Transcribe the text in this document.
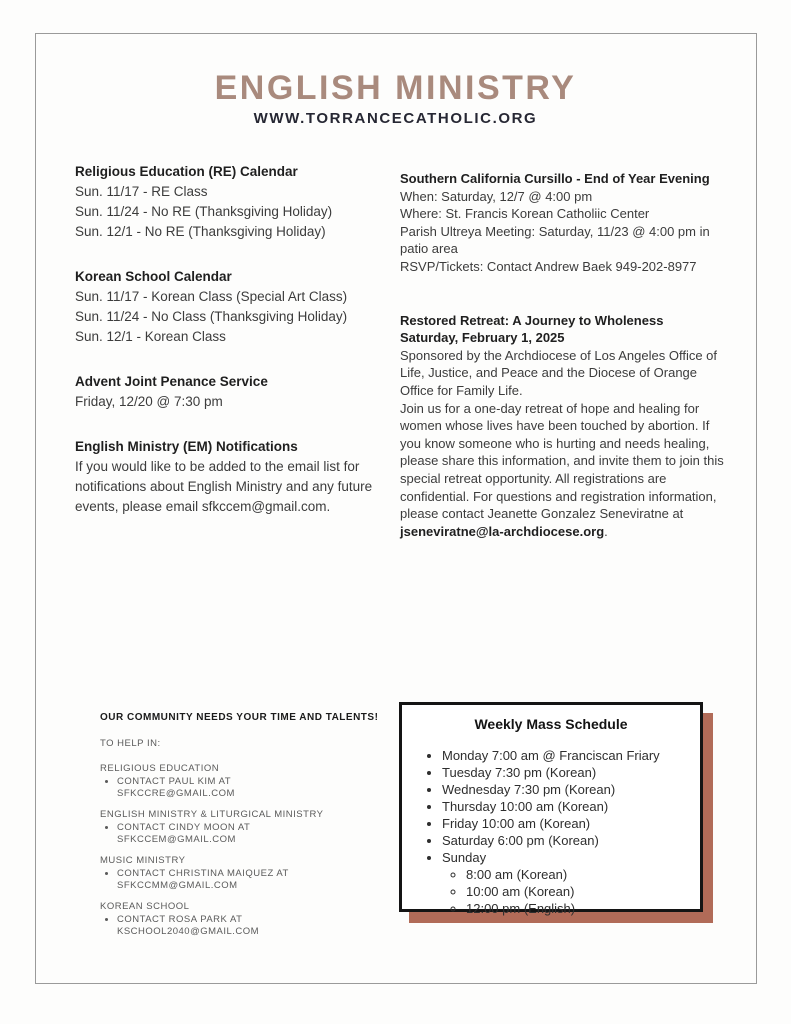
ENGLISH MINISTRY
WWW.TORRANCECATHOLIC.ORG
Religious Education (RE) Calendar
Sun. 11/17 - RE Class
Sun. 11/24 - No RE (Thanksgiving Holiday)
Sun. 12/1 - No RE (Thanksgiving Holiday)
Korean School Calendar
Sun. 11/17 - Korean Class (Special Art Class)
Sun. 11/24 - No Class (Thanksgiving Holiday)
Sun. 12/1 - Korean Class
Advent Joint Penance Service
Friday, 12/20 @ 7:30 pm
English Ministry (EM) Notifications
If you would like to be added to the email list for notifications about English Ministry and any future events, please email sfkccem@gmail.com.
Southern California Cursillo - End of Year Evening
When: Saturday, 12/7 @ 4:00 pm
Where: St. Francis Korean Catholiic Center
Parish Ultreya Meeting: Saturday, 11/23 @ 4:00 pm in patio area
RSVP/Tickets: Contact Andrew Baek 949-202-8977
Restored Retreat: A Journey to Wholeness
Saturday, February 1, 2025
Sponsored by the Archdiocese of Los Angeles Office of Life, Justice, and Peace and the Diocese of Orange Office for Family Life.
Join us for a one-day retreat of hope and healing for women whose lives have been touched by abortion. If you know someone who is hurting and needs healing, please share this information, and invite them to join this special retreat opportunity. All registrations are confidential. For questions and registration information, please contact Jeanette Gonzalez Seneviratne at jseneviratne@la-archdiocese.org.
OUR COMMUNITY NEEDS YOUR TIME AND TALENTS!
TO HELP IN:
RELIGIOUS EDUCATION
• CONTACT PAUL KIM AT SFKCCRE@GMAIL.COM
ENGLISH MINISTRY & LITURGICAL MINISTRY
• CONTACT CINDY MOON AT SFKCCEM@GMAIL.COM
MUSIC MINISTRY
• CONTACT CHRISTINA MAIQUEZ AT SFKCCMM@GMAIL.COM
KOREAN SCHOOL
• CONTACT ROSA PARK AT KSCHOOL2040@GMAIL.COM
Weekly Mass Schedule
• Monday 7:00 am @ Franciscan Friary
• Tuesday 7:30 pm (Korean)
• Wednesday 7:30 pm (Korean)
• Thursday 10:00 am (Korean)
• Friday 10:00 am (Korean)
• Saturday 6:00 pm (Korean)
• Sunday
◦ 8:00 am (Korean)
◦ 10:00 am (Korean)
◦ 12:00 pm (English)
